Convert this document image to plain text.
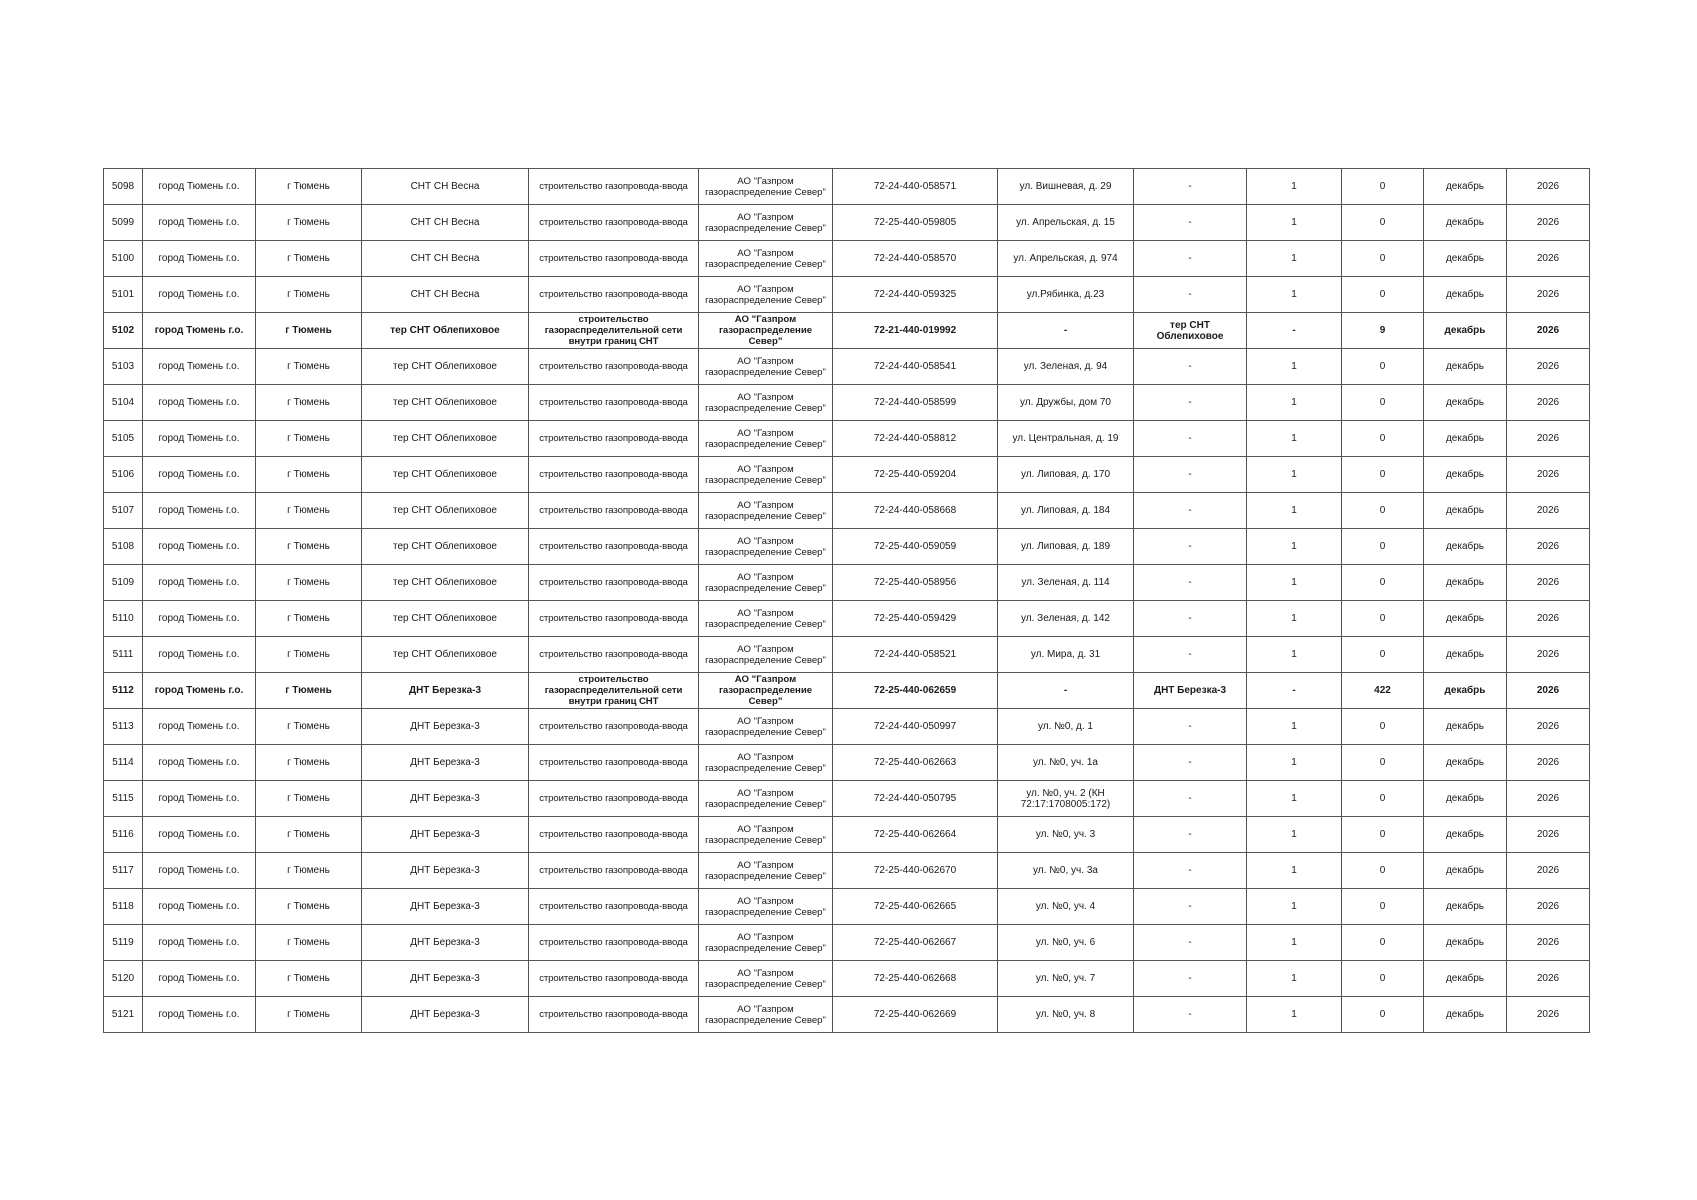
5098	город Тюмень г.о.	г Тюмень	СНТ СН Весна	строительство газопровода-ввода	АО "Газпром газораспределение Север"	72-24-440-058571	ул. Вишневая, д. 29	-	1	0	декабрь	2026
5099	город Тюмень г.о.	г Тюмень	СНТ СН Весна	строительство газопровода-ввода	АО "Газпром газораспределение Север"	72-25-440-059805	ул. Апрельская, д. 15	-	1	0	декабрь	2026
5100	город Тюмень г.о.	г Тюмень	СНТ СН Весна	строительство газопровода-ввода	АО "Газпром газораспределение Север"	72-24-440-058570	ул. Апрельская, д. 974	-	1	0	декабрь	2026
5101	город Тюмень г.о.	г Тюмень	СНТ СН Весна	строительство газопровода-ввода	АО "Газпром газораспределение Север"	72-24-440-059325	ул.Рябинка, д.23	-	1	0	декабрь	2026
5102	город Тюмень г.о.	г Тюмень	тер СНТ Облепиховое	строительство газораспределительной сети внутри границ СНТ	АО "Газпром газораспределение Север"	72-21-440-019992	-	тер СНТ Облепиховое	-	9	декабрь	2026
5103	город Тюмень г.о.	г Тюмень	тер СНТ Облепиховое	строительство газопровода-ввода	АО "Газпром газораспределение Север"	72-24-440-058541	ул. Зеленая, д. 94	-	1	0	декабрь	2026
5104	город Тюмень г.о.	г Тюмень	тер СНТ Облепиховое	строительство газопровода-ввода	АО "Газпром газораспределение Север"	72-24-440-058599	ул. Дружбы, дом 70	-	1	0	декабрь	2026
5105	город Тюмень г.о.	г Тюмень	тер СНТ Облепиховое	строительство газопровода-ввода	АО "Газпром газораспределение Север"	72-24-440-058812	ул. Центральная, д. 19	-	1	0	декабрь	2026
5106	город Тюмень г.о.	г Тюмень	тер СНТ Облепиховое	строительство газопровода-ввода	АО "Газпром газораспределение Север"	72-25-440-059204	ул. Липовая, д. 170	-	1	0	декабрь	2026
5107	город Тюмень г.о.	г Тюмень	тер СНТ Облепиховое	строительство газопровода-ввода	АО "Газпром газораспределение Север"	72-24-440-058668	ул. Липовая, д. 184	-	1	0	декабрь	2026
5108	город Тюмень г.о.	г Тюмень	тер СНТ Облепиховое	строительство газопровода-ввода	АО "Газпром газораспределение Север"	72-25-440-059059	ул. Липовая, д. 189	-	1	0	декабрь	2026
5109	город Тюмень г.о.	г Тюмень	тер СНТ Облепиховое	строительство газопровода-ввода	АО "Газпром газораспределение Север"	72-25-440-058956	ул. Зеленая, д. 114	-	1	0	декабрь	2026
5110	город Тюмень г.о.	г Тюмень	тер СНТ Облепиховое	строительство газопровода-ввода	АО "Газпром газораспределение Север"	72-25-440-059429	ул. Зеленая, д. 142	-	1	0	декабрь	2026
5111	город Тюмень г.о.	г Тюмень	тер СНТ Облепиховое	строительство газопровода-ввода	АО "Газпром газораспределение Север"	72-24-440-058521	ул. Мира, д. 31	-	1	0	декабрь	2026
5112	город Тюмень г.о.	г Тюмень	ДНТ Березка-3	строительство газораспределительной сети внутри границ СНТ	АО "Газпром газораспределение Север"	72-25-440-062659	-	ДНТ Березка-3	-	422	декабрь	2026
5113	город Тюмень г.о.	г Тюмень	ДНТ Березка-3	строительство газопровода-ввода	АО "Газпром газораспределение Север"	72-24-440-050997	ул. №0, д. 1	-	1	0	декабрь	2026
5114	город Тюмень г.о.	г Тюмень	ДНТ Березка-3	строительство газопровода-ввода	АО "Газпром газораспределение Север"	72-25-440-062663	ул. №0, уч. 1а	-	1	0	декабрь	2026
5115	город Тюмень г.о.	г Тюмень	ДНТ Березка-3	строительство газопровода-ввода	АО "Газпром газораспределение Север"	72-24-440-050795	ул. №0, уч. 2 (КН 72:17:1708005:172)	-	1	0	декабрь	2026
5116	город Тюмень г.о.	г Тюмень	ДНТ Березка-3	строительство газопровода-ввода	АО "Газпром газораспределение Север"	72-25-440-062664	ул. №0, уч. 3	-	1	0	декабрь	2026
5117	город Тюмень г.о.	г Тюмень	ДНТ Березка-3	строительство газопровода-ввода	АО "Газпром газораспределение Север"	72-25-440-062670	ул. №0, уч. 3а	-	1	0	декабрь	2026
5118	город Тюмень г.о.	г Тюмень	ДНТ Березка-3	строительство газопровода-ввода	АО "Газпром газораспределение Север"	72-25-440-062665	ул. №0, уч. 4	-	1	0	декабрь	2026
5119	город Тюмень г.о.	г Тюмень	ДНТ Березка-3	строительство газопровода-ввода	АО "Газпром газораспределение Север"	72-25-440-062667	ул. №0, уч. 6	-	1	0	декабрь	2026
5120	город Тюмень г.о.	г Тюмень	ДНТ Березка-3	строительство газопровода-ввода	АО "Газпром газораспределение Север"	72-25-440-062668	ул. №0, уч. 7	-	1	0	декабрь	2026
5121	город Тюмень г.о.	г Тюмень	ДНТ Березка-3	строительство газопровода-ввода	АО "Газпром газораспределение Север"	72-25-440-062669	ул. №0, уч. 8	-	1	0	декабрь	2026
